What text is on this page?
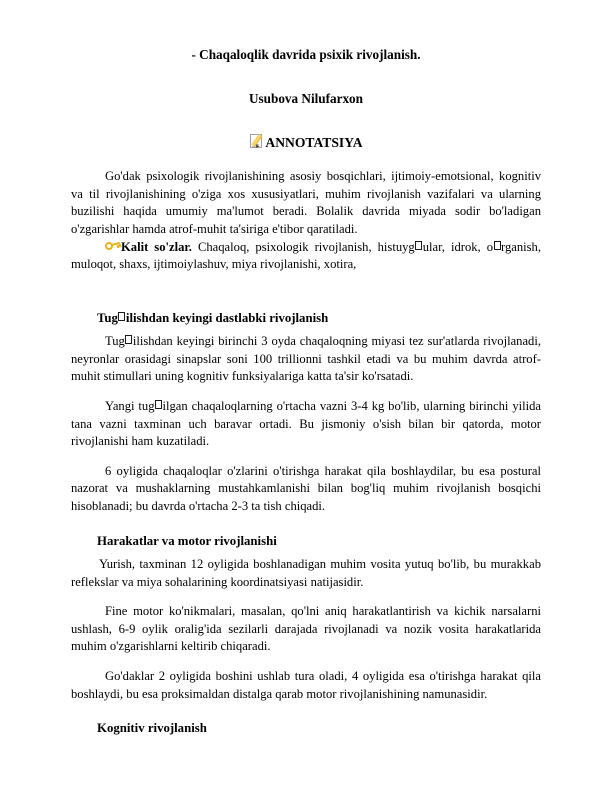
- Chaqaloqlik davrida psixik rivojlanish.
Usubova Nilufarxon
ANNOTATSIYA

Go'dak psixologik rivojlanishining asosiy bosqichlari, ijtimoiy-emotsional, kognitiv va til rivojlanishining o'ziga xos xususiyatlari, muhim rivojlanish vazifalari va ularning buzilishi haqida umumiy ma'lumot beradi. Bolalik davrida miyada sodir bo'ladigan o'zgarishlar hamda atrof-muhit ta'siriga e'tibor qaratiladi.

Kalit so'zlar. Chaqaloq, psixologik rivojlanish, histuyg ular, idrok, o rganish, muloqot, shaxs, ijtimoiylashuv, miya rivojlanishi, xotira,

Tug ilishdan keyingi dastlabki rivojlanish

Tug ilishdan keyingi birinchi 3 oyda chaqaloqning miyasi tez sur'atlarda rivojlanadi, neyronlar orasidagi sinapslar soni 100 trillionni tashkil etadi va bu muhim davrda atrof-muhit stimullari uning kognitiv funksiyalariga katta ta'sir ko'rsatadi.

Yangi tug ilgan chaqaloqlarning o'rtacha vazni 3-4 kg bo'lib, ularning birinchi yilida tana vazni taxminan uch baravar ortadi. Bu jismoniy o'sish bilan bir qatorda, motor rivojlanishi ham kuzatiladi.

6 oyligida chaqaloqlar o'zlarini o'tirishga harakat qila boshlaydilar, bu esa postural nazorat va mushaklarning mustahkamlanishi bilan bog'liq muhim rivojlanish bosqichi hisoblanadi; bu davrda o'rtacha 2-3 ta tish chiqadi.

Harakatlar va motor rivojlanishi

Yurish, taxminan 12 oyligida boshlanadigan muhim vosita yutuq bo'lib, bu murakkab reflekslar va miya sohalarining koordinatsiyasi natijasidir.

Fine motor ko'nikmalari, masalan, qo'lni aniq harakatlantirish va kichik narsalarni ushlash, 6-9 oylik oralig'ida sezilarli darajada rivojlanadi va nozik vosita harakatlarida muhim o'zgarishlarni keltirib chiqaradi.

Go'daklar 2 oyligida boshini ushlab tura oladi, 4 oyligida esa o'tirishga harakat qila boshlaydi, bu esa proksimaldan distalga qarab motor rivojlanishining namunasidir.

Kognitiv rivojlanish
